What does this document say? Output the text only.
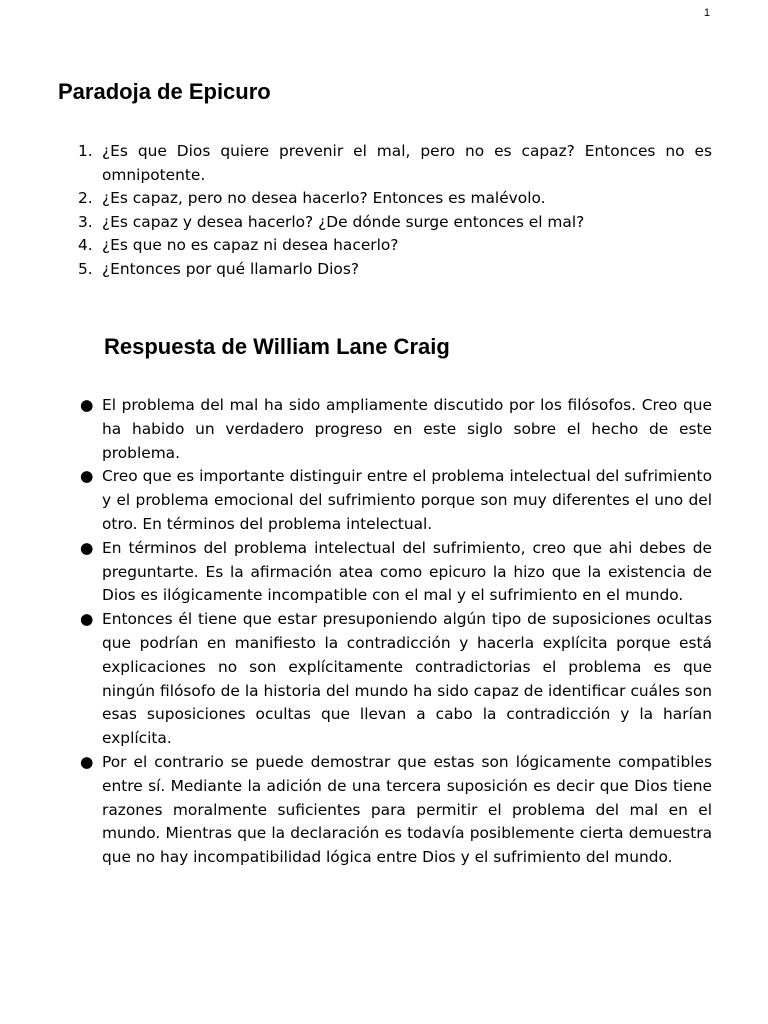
1
Paradoja de Epicuro
1. ¿Es que Dios quiere prevenir el mal, pero no es capaz? Entonces no es omnipotente.
2. ¿Es capaz, pero no desea hacerlo? Entonces es malévolo.
3. ¿Es capaz y desea hacerlo? ¿De dónde surge entonces el mal?
4. ¿Es que no es capaz ni desea hacerlo?
5. ¿Entonces por qué llamarlo Dios?
Respuesta de William Lane Craig
● El problema del mal ha sido ampliamente discutido por los filósofos. Creo que ha habido un verdadero progreso en este siglo sobre el hecho de este problema.
● Creo que es importante distinguir entre el problema intelectual del sufrimiento y el problema emocional del sufrimiento porque son muy diferentes el uno del otro. En términos del problema intelectual.
● En términos del problema intelectual del sufrimiento, creo que ahi debes de preguntarte. Es la afirmación atea como epicuro la hizo que la existencia de Dios es ilógicamente incompatible con el mal y el sufrimiento en el mundo.
● Entonces él tiene que estar presuponiendo algún tipo de suposiciones ocultas que podrían en manifiesto la contradicción y hacerla explícita porque está explicaciones no son explícitamente contradictorias el problema es que ningún filósofo de la historia del mundo ha sido capaz de identificar cuáles son esas suposiciones ocultas que llevan a cabo la contradicción y la harían explícita.
● Por el contrario se puede demostrar que estas son lógicamente compatibles entre sí. Mediante la adición de una tercera suposición es decir que Dios tiene razones moralmente suficientes para permitir el problema del mal en el mundo. Mientras que la declaración es todavía posiblemente cierta demuestra que no hay incompatibilidad lógica entre Dios y el sufrimiento del mundo.
